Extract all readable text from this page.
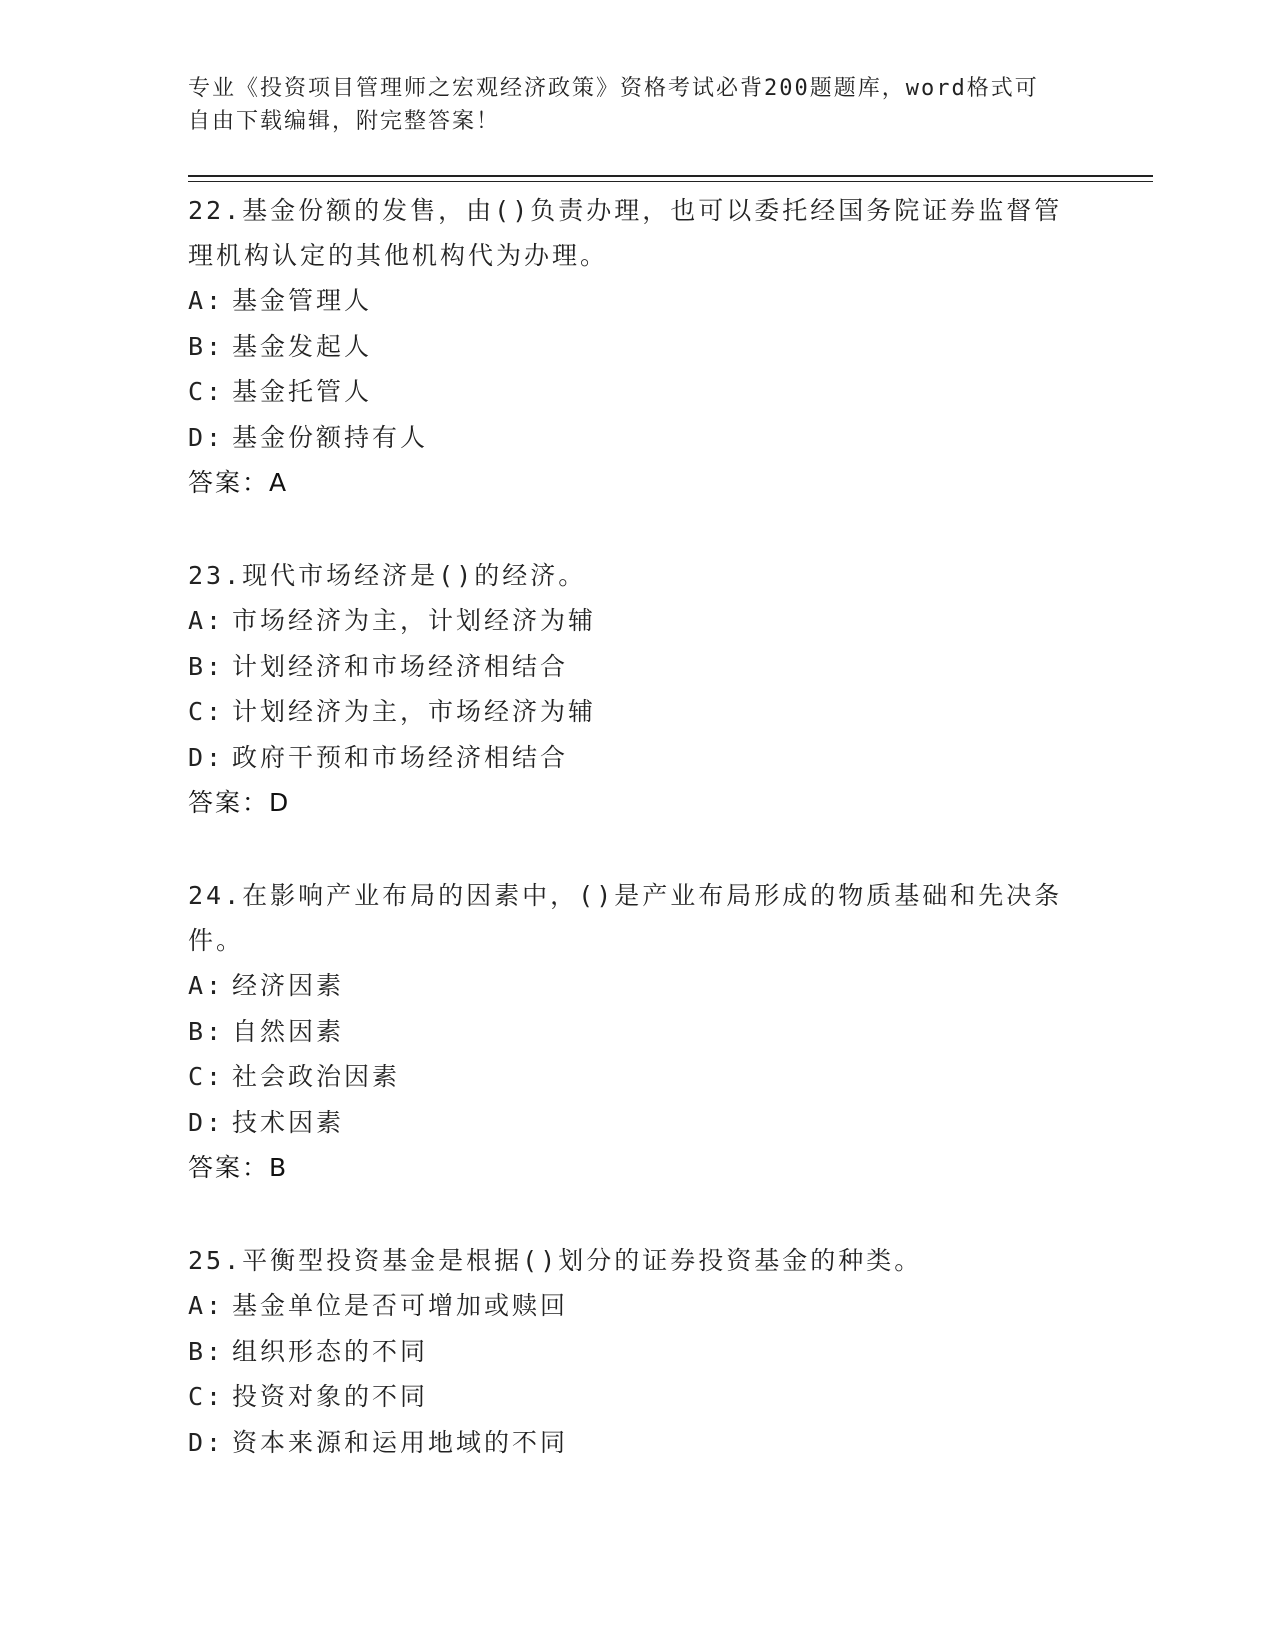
专业《投资项目管理师之宏观经济政策》资格考试必背200题题库，word格式可
自由下载编辑，附完整答案！
22.基金份额的发售，由()负责办理，也可以委托经国务院证券监督管理机构认定的其他机构代为办理。
A: 基金管理人
B: 基金发起人
C: 基金托管人
D: 基金份额持有人
答案：A
23.现代市场经济是()的经济。
A: 市场经济为主，计划经济为辅
B: 计划经济和市场经济相结合
C: 计划经济为主，市场经济为辅
D: 政府干预和市场经济相结合
答案：D
24.在影响产业布局的因素中，()是产业布局形成的物质基础和先决条件。
A: 经济因素
B: 自然因素
C: 社会政治因素
D: 技术因素
答案：B
25.平衡型投资基金是根据()划分的证券投资基金的种类。
A: 基金单位是否可增加或赎回
B: 组织形态的不同
C: 投资对象的不同
D: 资本来源和运用地域的不同
